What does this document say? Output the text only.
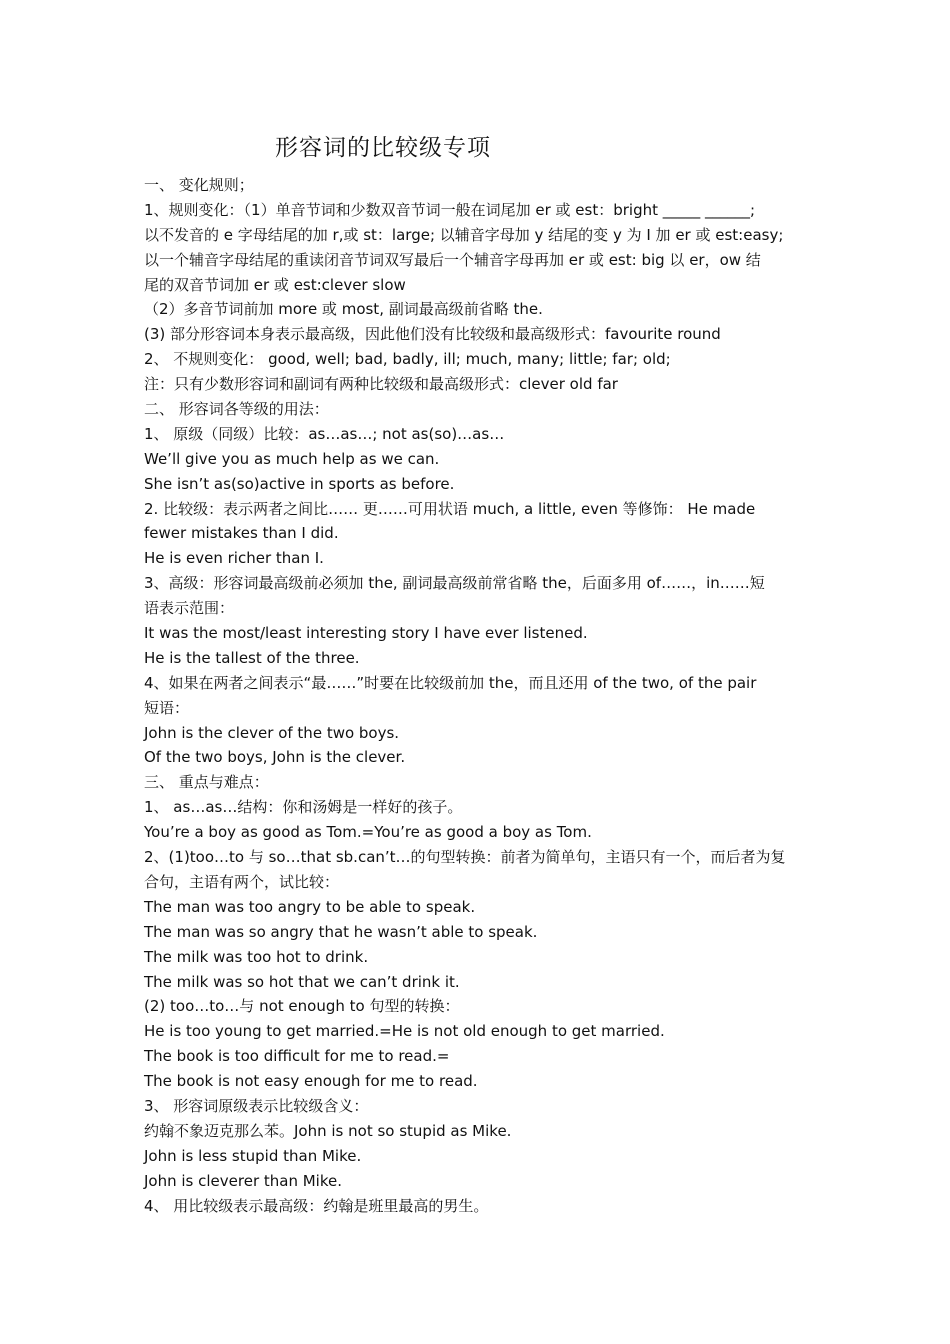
形容词的比较级专项
一、 变化规则；
1、规则变化：（1）单音节词和少数双音节词一般在词尾加 er 或 est：bright _____ ______;
以不发音的 e 字母结尾的加 r,或 st：large; 以辅音字母加 y 结尾的变 y 为 I 加 er 或 est:easy;
以一个辅音字母结尾的重读闭音节词双写最后一个辅音字母再加 er 或 est: big 以 er，ow 结
尾的双音节词加 er 或 est:clever slow
（2）多音节词前加 more 或 most, 副词最高级前省略 the.
(3) 部分形容词本身表示最高级，因此他们没有比较级和最高级形式：favourite round
2、 不规则变化： good, well; bad, badly, ill; much, many; little; far; old;
注：只有少数形容词和副词有两种比较级和最高级形式：clever old far
二、 形容词各等级的用法：
1、 原级（同级）比较：as…as…; not as(so)…as…
We’ll give you as much help as we can.
She isn’t as(so)active in sports as before.
2. 比较级：表示两者之间比…… 更……可用状语 much, a little, even 等修饰： He made
fewer mistakes than I did.
He is even richer than I.
3、高级：形容词最高级前必须加 the, 副词最高级前常省略 the，后面多用 of……，in……短
语表示范围：
It was the most/least interesting story I have ever listened.
He is the tallest of the three.
4、如果在两者之间表示“最……”时要在比较级前加 the，而且还用 of the two, of the pair
短语：
John is the clever of the two boys.
Of the two boys, John is the clever.
三、 重点与难点：
1、 as…as…结构：你和汤姆是一样好的孩子。
You’re a boy as good as Tom.=You’re as good a boy as Tom.
2、(1)too…to 与 so…that sb.can’t…的句型转换：前者为简单句，主语只有一个，而后者为复
合句，主语有两个，试比较：
The man was too angry to be able to speak.
The man was so angry that he wasn’t able to speak.
The milk was too hot to drink.
The milk was so hot that we can’t drink it.
(2) too…to…与 not enough to 句型的转换：
He is too young to get married.=He is not old enough to get married.
The book is too difficult for me to read.=
The book is not easy enough for me to read.
3、 形容词原级表示比较级含义：
约翰不象迈克那么苯。John is not so stupid as Mike.
John is less stupid than Mike.
John is cleverer than Mike.
4、 用比较级表示最高级：约翰是班里最高的男生。
